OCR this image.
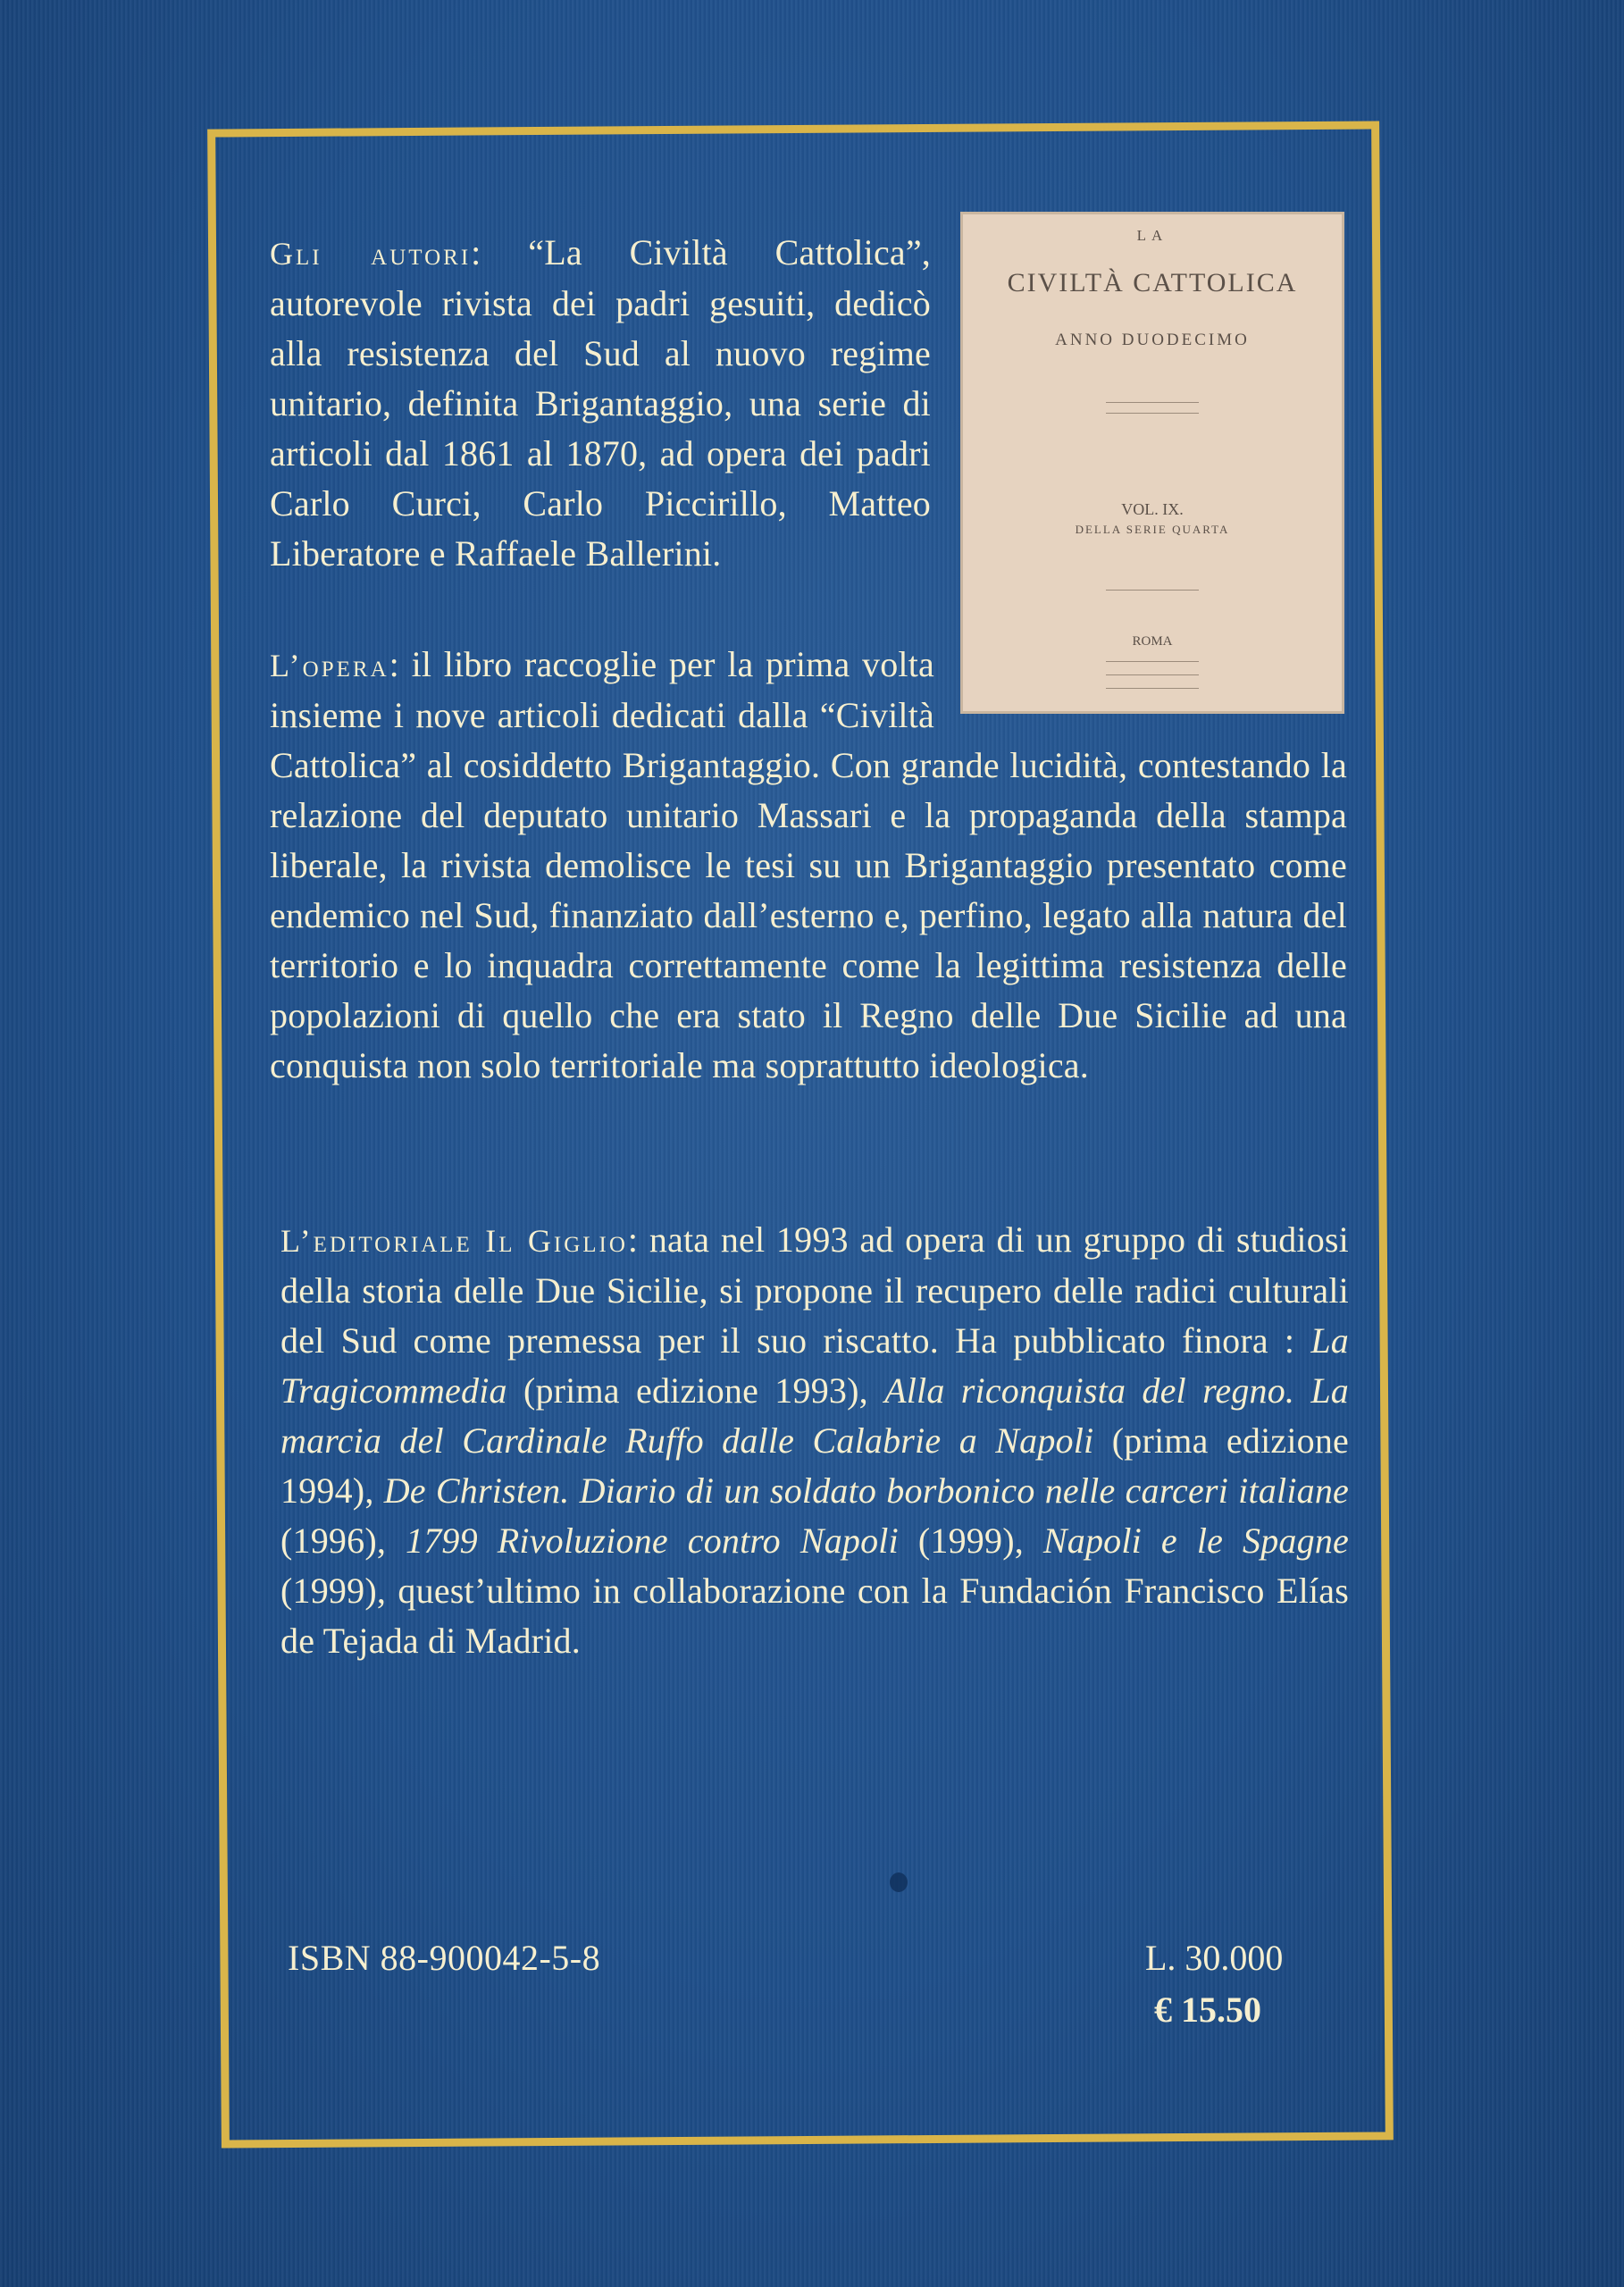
LA
CIVILTÀ CATTOLICA
ANNO DUODECIMO
VOL. IX.
DELLA SERIE QUARTA
ROMA
Gli autori: “La Civiltà Cattolica”, autorevole rivista dei padri gesuiti, dedicò alla resistenza del Sud al nuovo regime unitario, definita Brigantaggio, una serie di articoli dal 1861 al 1870, ad opera dei padri Carlo Curci, Carlo Piccirillo, Matteo Liberatore e Raffaele Ballerini.
L’opera: il libro raccoglie per la prima volta insieme i nove articoli dedicati dalla “Civiltà Cattolica” al cosiddetto Brigantaggio. Con grande lucidità, contestando la relazione del deputato unitario Massari e la propaganda della stampa liberale, la rivista demolisce le tesi su un Brigantaggio presentato come endemico nel Sud, finanziato dall’esterno e, perfino, legato alla natura del territorio e lo inquadra correttamente come la legittima resistenza delle popolazioni di quello che era stato il Regno delle Due Sicilie ad una conquista non solo territoriale ma soprattutto ideologica.
L’editoriale Il Giglio: nata nel 1993 ad opera di un gruppo di studiosi della storia delle Due Sicilie, si propone il recupero delle radici culturali del Sud come premessa per il suo riscatto. Ha pubblicato finora : La Tragicommedia (prima edizione 1993), Alla riconquista del regno. La marcia del Cardinale Ruffo dalle Calabrie a Napoli (prima edizione 1994), De Christen. Diario di un soldato borbonico nelle carceri italiane (1996), 1799 Rivoluzione contro Napoli (1999), Napoli e le Spagne (1999), quest’ultimo in collaborazione con la Fundación Francisco Elías de Tejada di Madrid.
ISBN 88-900042-5-8	L. 30.000
€ 15.50
